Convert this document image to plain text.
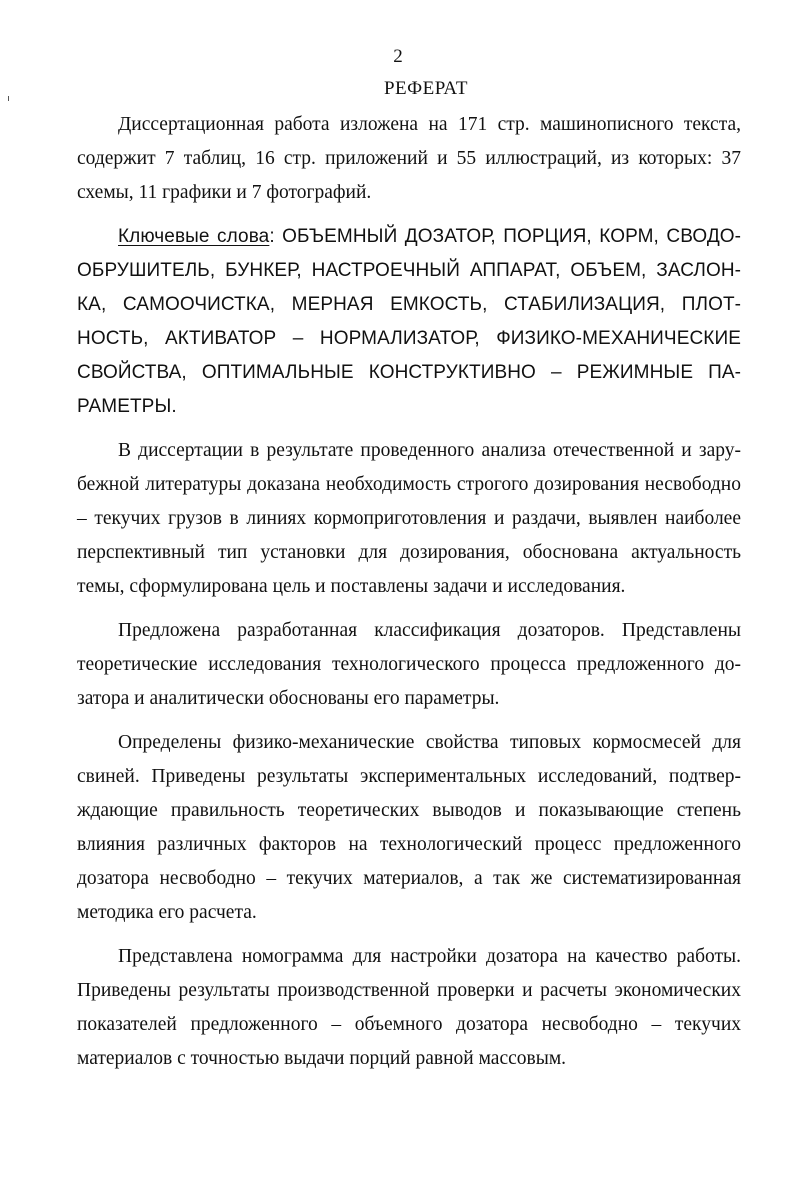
2
РЕФЕРАТ

Диссертационная работа изложена на 171 стр. машинописного текста, содержит 7 таблиц, 16 стр. приложений и 55 иллюстраций, из которых: 37 схемы, 11 графики и 7 фотографий.

Ключевые слова: ОБЪЕМНЫЙ ДОЗАТОР, ПОРЦИЯ, КОРМ, СВОДООБРУШИТЕЛЬ, БУНКЕР, НАСТРОЕЧНЫЙ АППАРАТ, ОБЪЕМ, ЗАСЛОНКА, САМООЧИСТКА, МЕРНАЯ ЕМКОСТЬ, СТАБИЛИЗАЦИЯ, ПЛОТНОСТЬ, АКТИВАТОР – НОРМАЛИЗАТОР, ФИЗИКО-МЕХАНИЧЕСКИЕ СВОЙСТВА, ОПТИМАЛЬНЫЕ КОНСТРУКТИВНО – РЕЖИМНЫЕ ПАРАМЕТРЫ.

В диссертации в результате проведенного анализа отечественной и зарубежной литературы доказана необходимость строгого дозирования несвободно – текучих грузов в линиях кормоприготовления и раздачи, выявлен наиболее перспективный тип установки для дозирования, обоснована актуальность темы, сформулирована цель и поставлены задачи и исследования.

Предложена разработанная классификация дозаторов. Представлены теоретические исследования технологического процесса предложенного дозатора и аналитически обоснованы его параметры.

Определены физико-механические свойства типовых кормосмесей для свиней. Приведены результаты экспериментальных исследований, подтверждающие правильность теоретических выводов и показывающие степень влияния различных факторов на технологический процесс предложенного дозатора несвободно – текучих материалов, а так же систематизированная методика его расчета.

Представлена номограмма для настройки дозатора на качество работы. Приведены результаты производственной проверки и расчеты экономических показателей предложенного – объемного дозатора несвободно – текучих материалов с точностью выдачи порций равной массовым.
